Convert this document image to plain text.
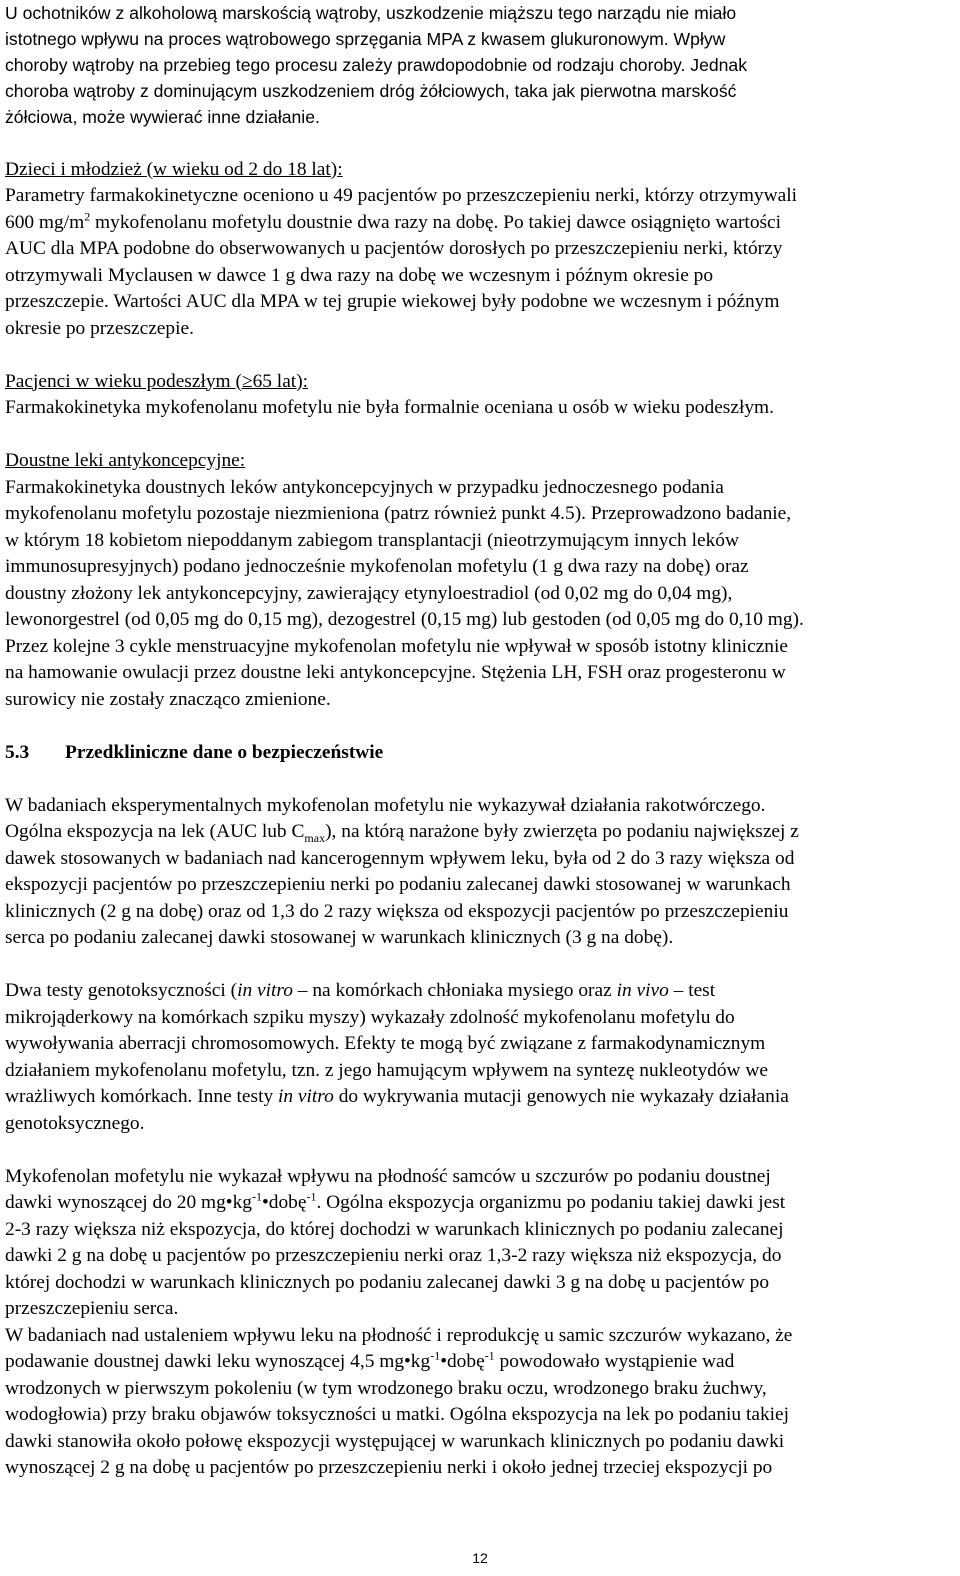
U ochotników z alkoholową marskością wątroby, uszkodzenie miąższu tego narządu nie miało
istotnego wpływu na proces wątrobowego sprzęgania MPA z kwasem glukuronowym. Wpływ
choroby wątroby na przebieg tego procesu zależy prawdopodobnie od rodzaju choroby. Jednak
choroba wątroby z dominującym uszkodzeniem dróg żółciowych, taka jak pierwotna marskość
żółciowa, może wywierać inne działanie.
Dzieci i młodzież (w wieku od 2 do 18 lat):
Parametry farmakokinetyczne oceniono u 49 pacjentów po przeszczepieniu nerki, którzy otrzymywali
600 $mg/m^2$ mykofenolanu mofetylu doustnie dwa razy na dobę. Po takiej dawce osiągnięto wartości
AUC dla MPA podobne do obserwowanych u pacjentów dorosłych po przeszczepieniu nerki, którzy
otrzymywali Myclausen w dawce 1 g dwa razy na dobę we wczesnym i późnym okresie po
przeszczepie. Wartości AUC dla MPA w tej grupie wiekowej były podobne we wczesnym i późnym
okresie po przeszczepie.
Pacjenci w wieku podeszłym (≥65 lat):
Farmakokinetyka mykofenolanu mofetylu nie była formalnie oceniana u osób w wieku podeszłym.
Doustne leki antykoncepcyjne:
Farmakokinetyka doustnych leków antykoncepcyjnych w przypadku jednoczesnego podania
mykofenolanu mofetylu pozostaje niezmieniona (patrz również punkt 4.5). Przeprowadzono badanie,
w którym 18 kobietom niepoddanym zabiegom transplantacji (nieotrzymującym innych leków
immunosupresyjnych) podano jednocześnie mykofenolan mofetylu (1 g dwa razy na dobę) oraz
doustny złożony lek antykoncepcyjny, zawierający etynyloestradiol (od 0,02 mg do 0,04 mg),
lewonorgestrel (od 0,05 mg do 0,15 mg), dezogestrel (0,15 mg) lub gestoden (od 0,05 mg do 0,10 mg).
Przez kolejne 3 cykle menstruacyjne mykofenolan mofetylu nie wpływał w sposób istotny klinicznie
na hamowanie owulacji przez doustne leki antykoncepcyjne. Stężenia LH, FSH oraz progesteronu w
surowicy nie zostały znacząco zmienione.
5.3 Przedkliniczne dane o bezpieczeństwie
W badaniach eksperymentalnych mykofenolan mofetylu nie wykazywał działania rakotwórczego.
Ogólna ekspozycja na lek (AUC lub $C_{max}$), na którą narażone były zwierzęta po podaniu największej z
dawek stosowanych w badaniach nad kancerogennym wpływem leku, była od 2 do 3 razy większa od
ekspozycji pacjentów po przeszczepieniu nerki po podaniu zalecanej dawki stosowanej w warunkach
klinicznych (2 g na dobę) oraz od 1,3 do 2 razy większa od ekspozycji pacjentów po przeszczepieniu
serca po podaniu zalecanej dawki stosowanej w warunkach klinicznych (3 g na dobę).
Dwa testy genotoksyczności (in vitro – na komórkach chłoniaka mysiego oraz in vivo – test
mikrojąderkowy na komórkach szpiku myszy) wykazały zdolność mykofenolanu mofetylu do
wywoływania aberracji chromosomowych. Efekty te mogą być związane z farmakodynamicznym
działaniem mykofenolanu mofetylu, tzn. z jego hamującym wpływem na syntezę nukleotydów we
wrażliwych komórkach. Inne testy in vitro do wykrywania mutacji genowych nie wykazały działania
genotoksycznego.
Mykofenolan mofetylu nie wykazał wpływu na płodność samców u szczurów po podaniu doustnej
dawki wynoszącej do 20 $mg•kg^{-1}•dobę^{-1}$. Ogólna ekspozycja organizmu po podaniu takiej dawki jest
2-3 razy większa niż ekspozycja, do której dochodzi w warunkach klinicznych po podaniu zalecanej
dawki 2 g na dobę u pacjentów po przeszczepieniu nerki oraz 1,3-2 razy większa niż ekspozycja, do
której dochodzi w warunkach klinicznych po podaniu zalecanej dawki 3 g na dobę u pacjentów po
przeszczepieniu serca.
W badaniach nad ustaleniem wpływu leku na płodność i reprodukcję u samic szczurów wykazano, że
podawanie doustnej dawki leku wynoszącej 4,5 $mg•kg^{-1}•dobę^{-1}$ powodowało wystąpienie wad
wrodzonych w pierwszym pokoleniu (w tym wrodzonego braku oczu, wrodzonego braku żuchwy,
wodogłowia) przy braku objawów toksyczności u matki. Ogólna ekspozycja na lek po podaniu takiej
dawki stanowiła około połowę ekspozycji występującej w warunkach klinicznych po podaniu dawki
wynoszącej 2 g na dobę u pacjentów po przeszczepieniu nerki i około jednej trzeciej ekspozycji po
12
